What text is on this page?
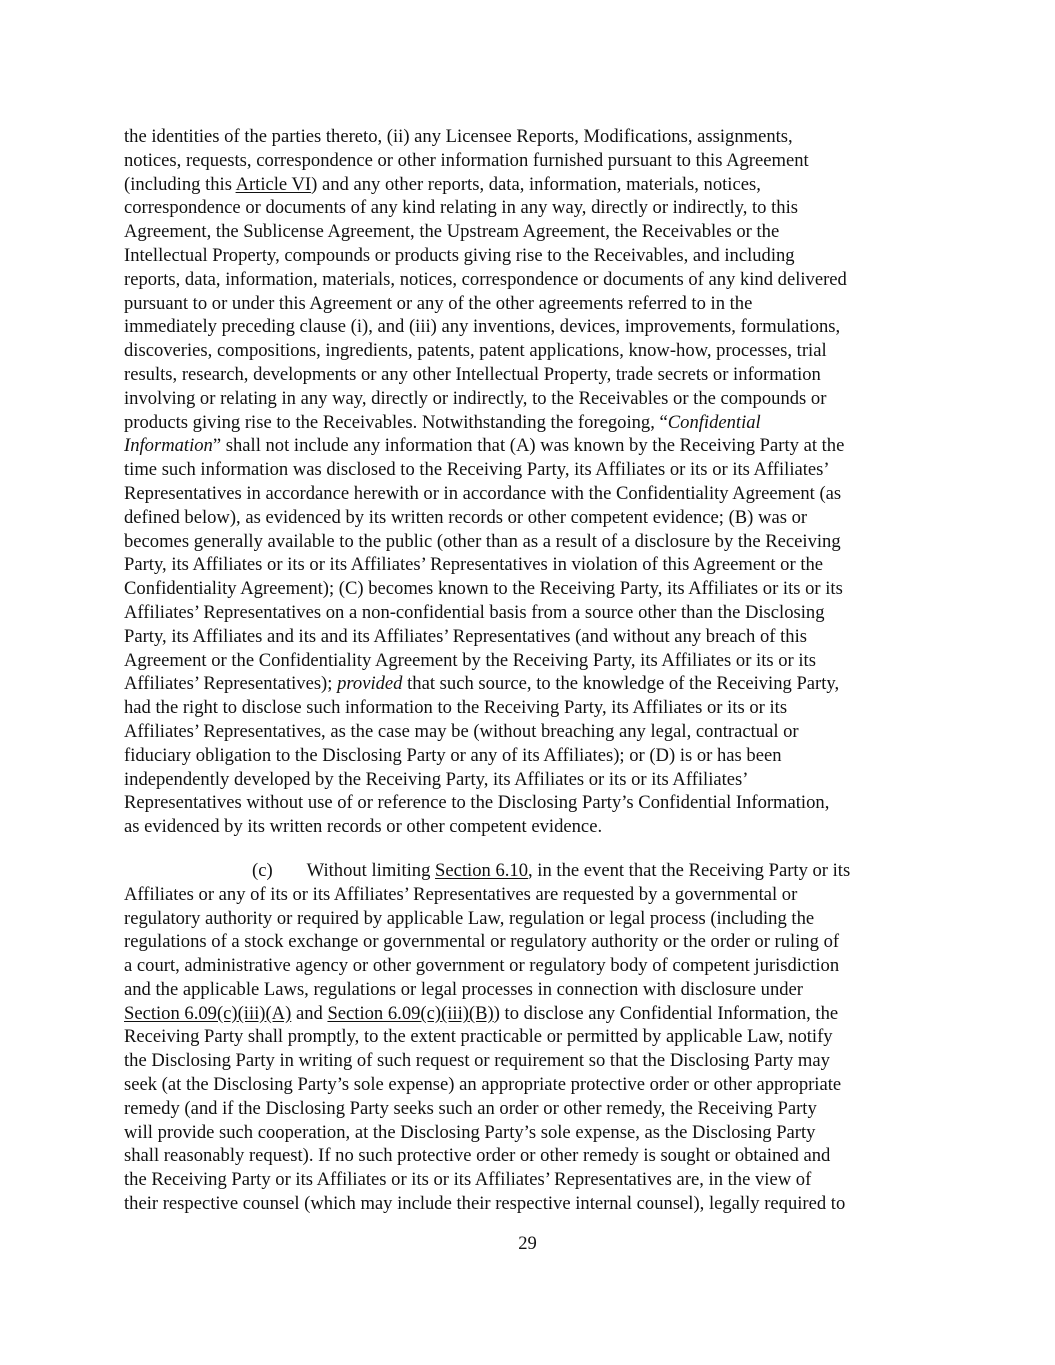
the identities of the parties thereto, (ii) any Licensee Reports, Modifications, assignments,
notices, requests, correspondence or other information furnished pursuant to this Agreement
(including this Article VI) and any other reports, data, information, materials, notices,
correspondence or documents of any kind relating in any way, directly or indirectly, to this
Agreement, the Sublicense Agreement, the Upstream Agreement, the Receivables or the
Intellectual Property, compounds or products giving rise to the Receivables, and including
reports, data, information, materials, notices, correspondence or documents of any kind delivered
pursuant to or under this Agreement or any of the other agreements referred to in the
immediately preceding clause (i), and (iii) any inventions, devices, improvements, formulations,
discoveries, compositions, ingredients, patents, patent applications, know-how, processes, trial
results, research, developments or any other Intellectual Property, trade secrets or information
involving or relating in any way, directly or indirectly, to the Receivables or the compounds or
products giving rise to the Receivables. Notwithstanding the foregoing, “Confidential
Information” shall not include any information that (A) was known by the Receiving Party at the
time such information was disclosed to the Receiving Party, its Affiliates or its or its Affiliates’
Representatives in accordance herewith or in accordance with the Confidentiality Agreement (as
defined below), as evidenced by its written records or other competent evidence; (B) was or
becomes generally available to the public (other than as a result of a disclosure by the Receiving
Party, its Affiliates or its or its Affiliates’ Representatives in violation of this Agreement or the
Confidentiality Agreement); (C) becomes known to the Receiving Party, its Affiliates or its or its
Affiliates’ Representatives on a non-confidential basis from a source other than the Disclosing
Party, its Affiliates and its and its Affiliates’ Representatives (and without any breach of this
Agreement or the Confidentiality Agreement by the Receiving Party, its Affiliates or its or its
Affiliates’ Representatives); provided that such source, to the knowledge of the Receiving Party,
had the right to disclose such information to the Receiving Party, its Affiliates or its or its
Affiliates’ Representatives, as the case may be (without breaching any legal, contractual or
fiduciary obligation to the Disclosing Party or any of its Affiliates); or (D) is or has been
independently developed by the Receiving Party, its Affiliates or its or its Affiliates’
Representatives without use of or reference to the Disclosing Party’s Confidential Information,
as evidenced by its written records or other competent evidence.

(c) Without limiting Section 6.10, in the event that the Receiving Party or its
Affiliates or any of its or its Affiliates’ Representatives are requested by a governmental or
regulatory authority or required by applicable Law, regulation or legal process (including the
regulations of a stock exchange or governmental or regulatory authority or the order or ruling of
a court, administrative agency or other government or regulatory body of competent jurisdiction
and the applicable Laws, regulations or legal processes in connection with disclosure under
Section 6.09(c)(iii)(A) and Section 6.09(c)(iii)(B)) to disclose any Confidential Information, the
Receiving Party shall promptly, to the extent practicable or permitted by applicable Law, notify
the Disclosing Party in writing of such request or requirement so that the Disclosing Party may
seek (at the Disclosing Party’s sole expense) an appropriate protective order or other appropriate
remedy (and if the Disclosing Party seeks such an order or other remedy, the Receiving Party
will provide such cooperation, at the Disclosing Party’s sole expense, as the Disclosing Party
shall reasonably request). If no such protective order or other remedy is sought or obtained and
the Receiving Party or its Affiliates or its or its Affiliates’ Representatives are, in the view of
their respective counsel (which may include their respective internal counsel), legally required to

29
